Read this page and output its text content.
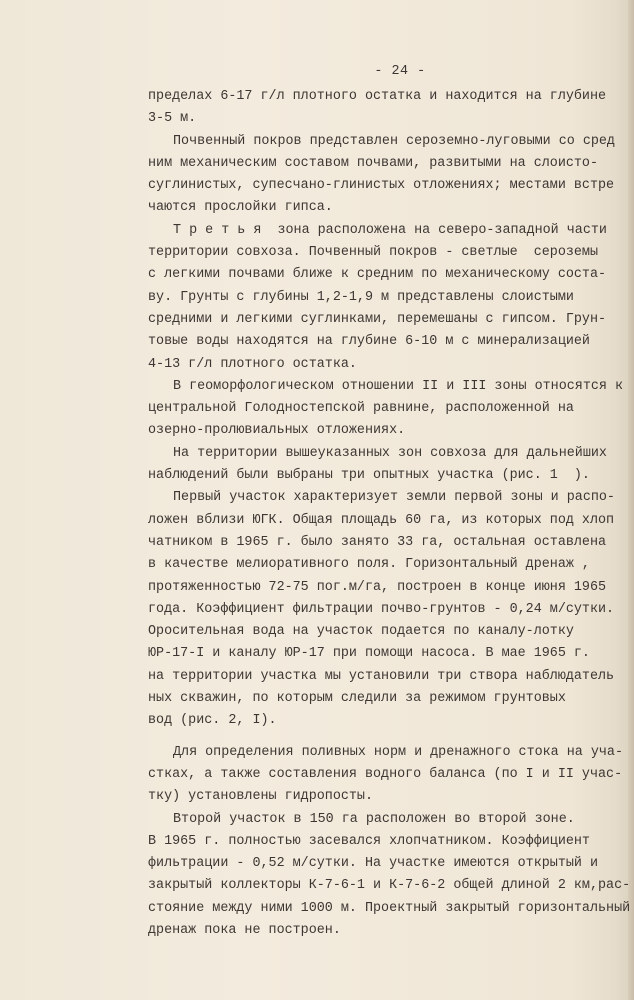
- 24 -
пределах 6-17 г/л плотного остатка и находится на глубине
3-5 м.
Почвенный покров представлен сероземно-луговыми со сред
ним механическим составом почвами, развитыми на слоисто-
суглинистых, супесчано-глинистых отложениях; местами встре
чаются прослойки гипса.
Т р е т ь я  зона расположена на северо-западной части
территории совхоза. Почвенный покров - светлые  сероземы
с легкими почвами ближе к средним по механическому соста-
ву. Грунты с глубины 1,2-1,9 м представлены слоистыми
средними и легкими суглинками, перемешаны с гипсом. Грун-
товые воды находятся на глубине 6-10 м с минерализацией
4-13 г/л плотного остатка.
В геоморфологическом отношении II и III зоны относятся к
центральной Голодностепской равнине, расположенной на
озерно-пролювиальных отложениях.
На территории вышеуказанных зон совхоза для дальнейших
наблюдений были выбраны три опытных участка (рис. 1  ).
Первый участок характеризует земли первой зоны и распо-
ложен вблизи ЮГК. Общая площадь 60 га, из которых под хлоп
чатником в 1965 г. было занято 33 га, остальная оставлена
в качестве мелиоративного поля. Горизонтальный дренаж ,
протяженностью 72-75 пог.м/га, построен в конце июня 1965
года. Коэффициент фильтрации почво-грунтов - 0,24 м/сутки.
Оросительная вода на участок подается по каналу-лотку
ЮР-17-I и каналу ЮР-17 при помощи насоса. В мае 1965 г.
на территории участка мы установили три створа наблюдатель
ных скважин, по которым следили за режимом грунтовых
вод (рис. 2, I).
Для определения поливных норм и дренажного стока на уча-
стках, а также составления водного баланса (по I и II учас-
тку) установлены гидропосты.
Второй участок в 150 га расположен во второй зоне.
В 1965 г. полностью засевался хлопчатником. Коэффициент
фильтрации - 0,52 м/сутки. На участке имеются открытый и
закрытый коллекторы К-7-6-1 и К-7-6-2 общей длиной 2 км,рас-
стояние между ними 1000 м. Проектный закрытый горизонтальный
дренаж пока не построен.
